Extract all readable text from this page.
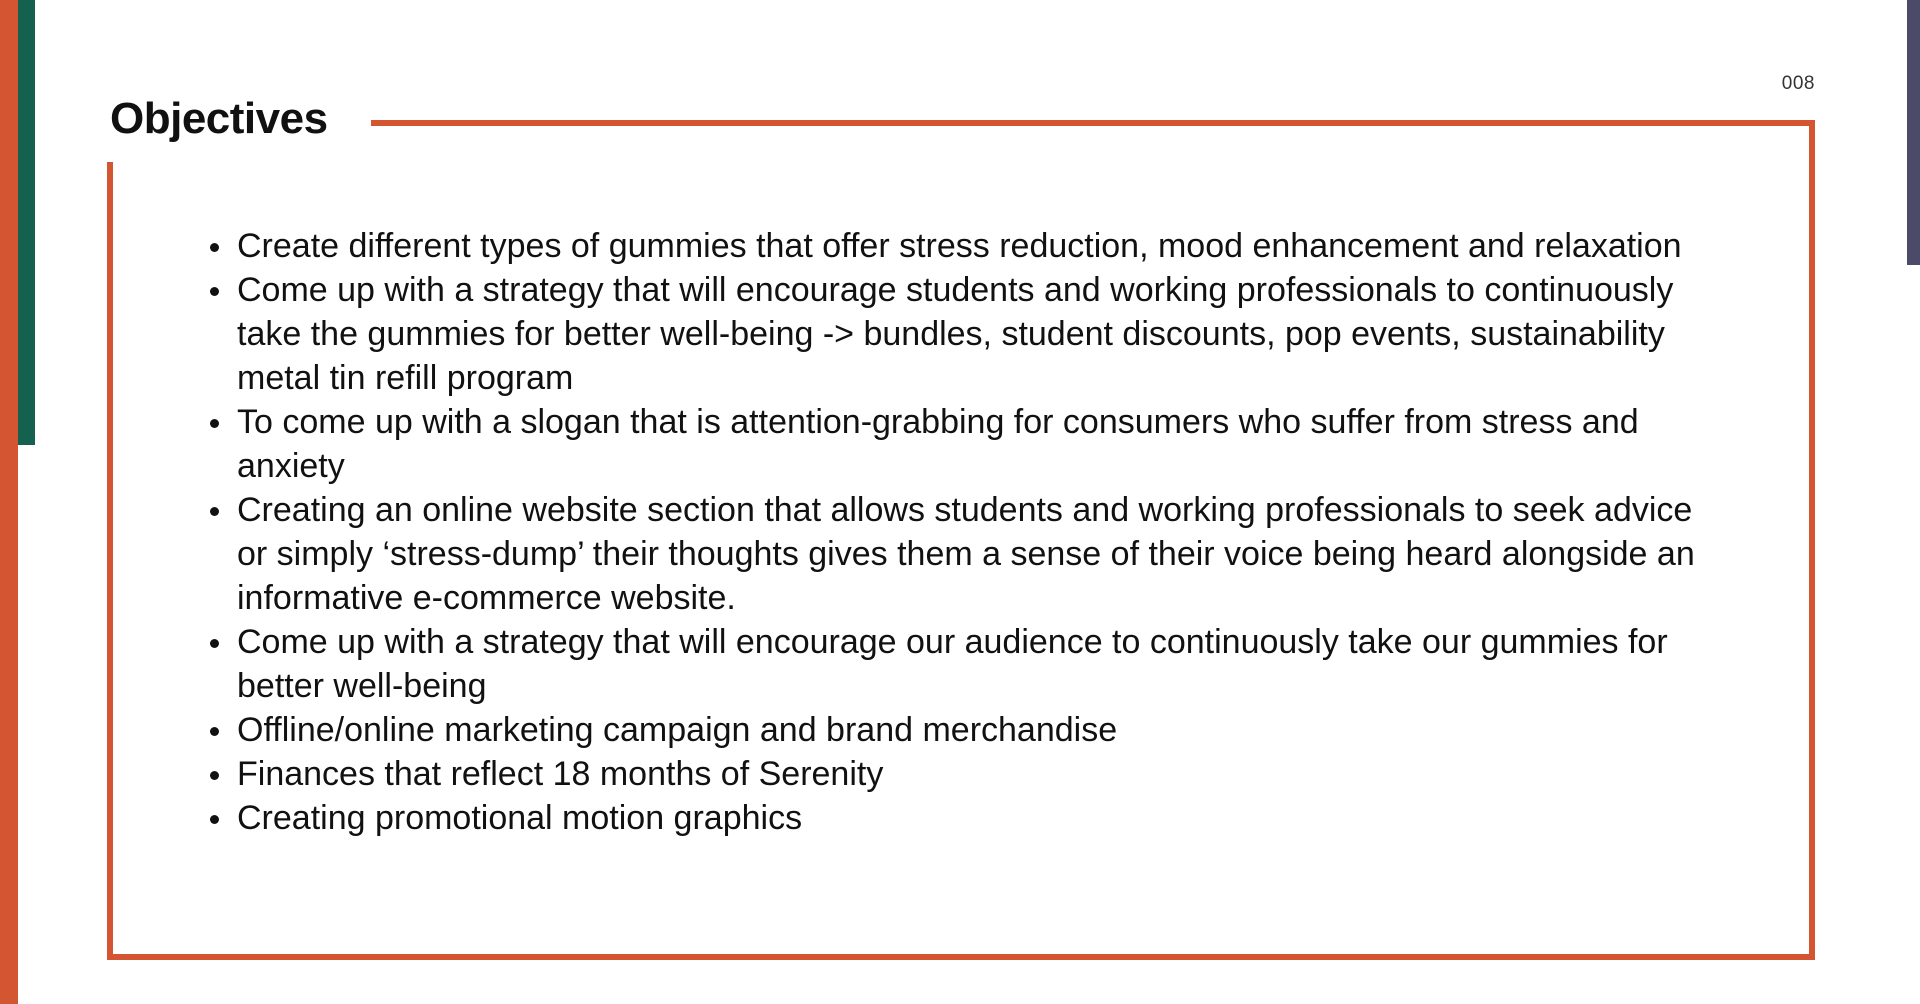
008
Objectives
Create different types of gummies that offer stress reduction, mood enhancement and relaxation
Come up with a strategy that will encourage students and working professionals to continuously take the gummies for better well-being -> bundles, student discounts, pop events, sustainability metal tin refill program
To come up with a slogan that is attention-grabbing for consumers who suffer from stress and anxiety
Creating an online website section that allows students and working professionals to seek advice or simply ‘stress-dump’ their thoughts gives them a sense of their voice being heard alongside an informative e-commerce website.
Come up with a strategy that will encourage our audience to continuously take our gummies for better well-being
Offline/online marketing campaign and brand merchandise
Finances that reflect 18 months of Serenity
Creating promotional motion graphics
